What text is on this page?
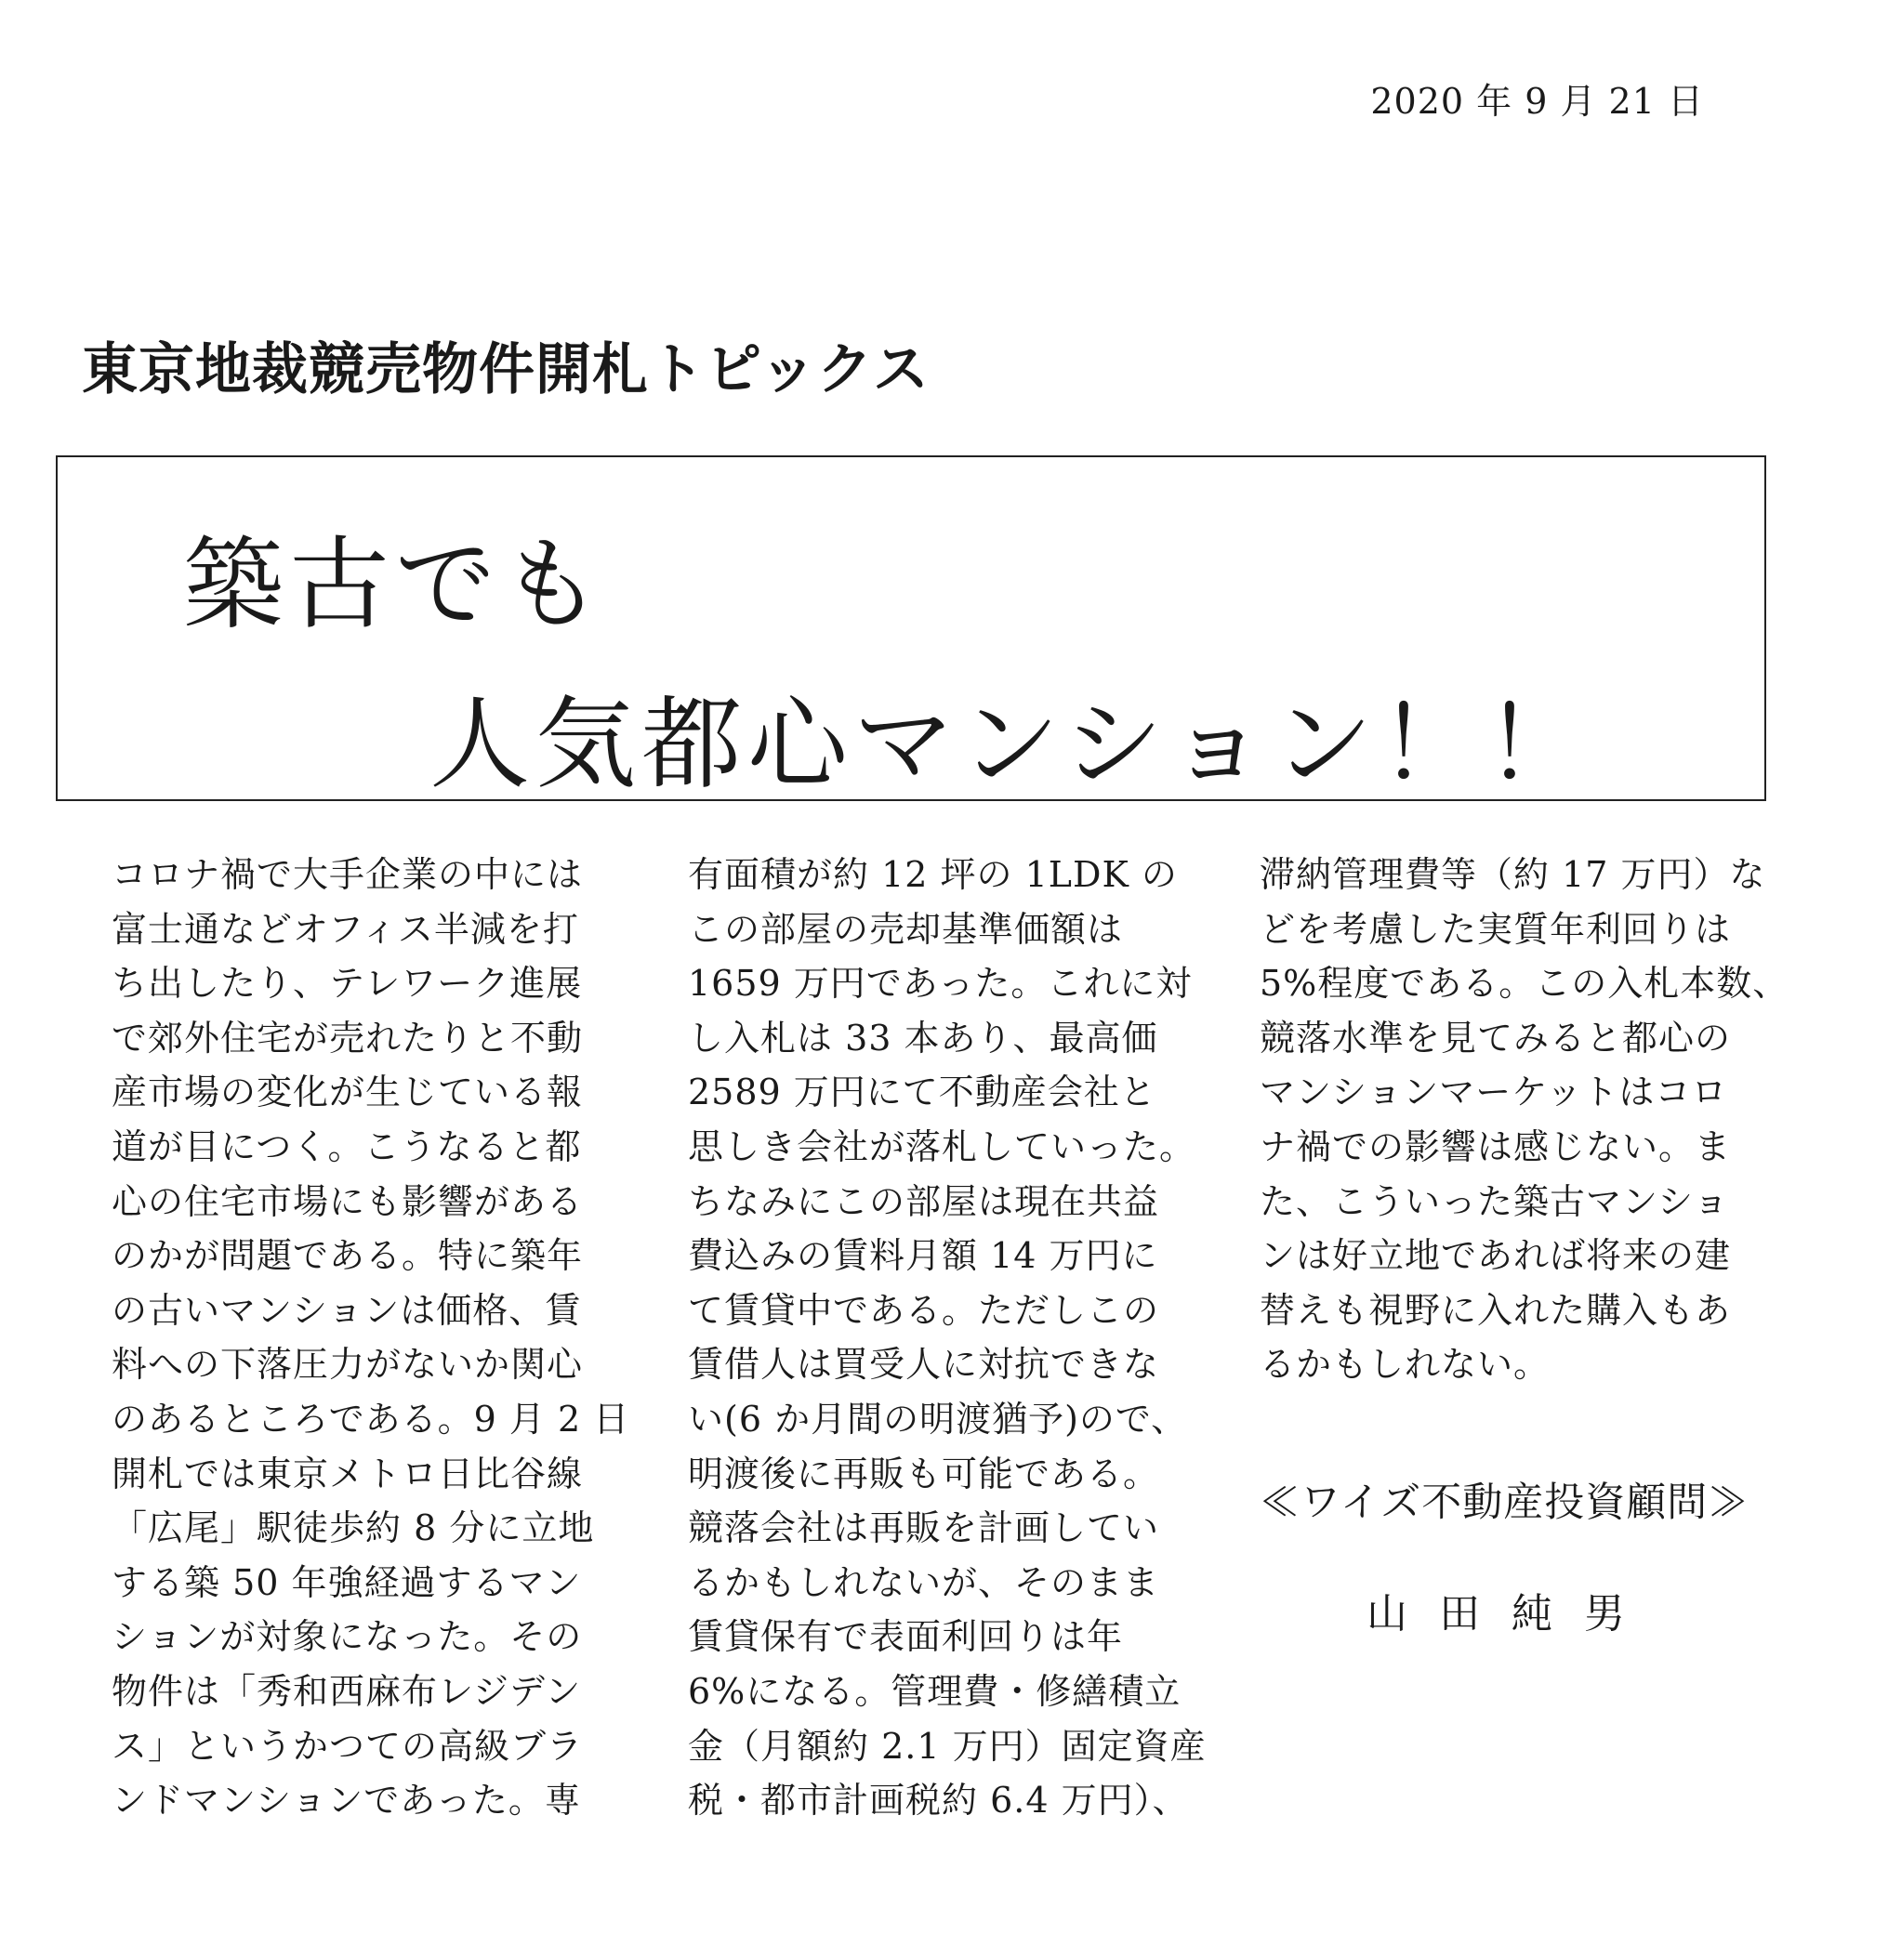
2020 年 9 月 21 日
東京地裁競売物件開札トピックス
築古でも
人気都心マンション！！
コロナ禍で大手企業の中には
富士通などオフィス半減を打
ち出したり、テレワーク進展
で郊外住宅が売れたりと不動
産市場の変化が生じている報
道が目につく。こうなると都
心の住宅市場にも影響がある
のかが問題である。特に築年
の古いマンションは価格、賃
料への下落圧力がないか関心
のあるところである。9 月 2 日
開札では東京メトロ日比谷線
「広尾」駅徒歩約 8 分に立地
する築 50 年強経過するマン
ションが対象になった。その
物件は「秀和西麻布レジデン
ス」というかつての高級ブラ
ンドマンションであった。専
有面積が約 12 坪の 1LDK の
この部屋の売却基準価額は
1659 万円であった。これに対
し入札は 33 本あり、最高価
2589 万円にて不動産会社と
思しき会社が落札していった。
ちなみにこの部屋は現在共益
費込みの賃料月額 14 万円に
て賃貸中である。ただしこの
賃借人は買受人に対抗できな
い(6 か月間の明渡猶予)ので、
明渡後に再販も可能である。
競落会社は再販を計画してい
るかもしれないが、そのまま
賃貸保有で表面利回りは年
6%になる。管理費・修繕積立
金（月額約 2.1 万円）固定資産
税・都市計画税約 6.4 万円）、
滞納管理費等（約 17 万円）な
どを考慮した実質年利回りは
5%程度である。この入札本数、
競落水準を見てみると都心の
マンションマーケットはコロ
ナ禍での影響は感じない。ま
た、こういった築古マンショ
ンは好立地であれば将来の建
替えも視野に入れた購入もあ
るかもしれない。
≪ワイズ不動産投資顧問≫
山田純男
